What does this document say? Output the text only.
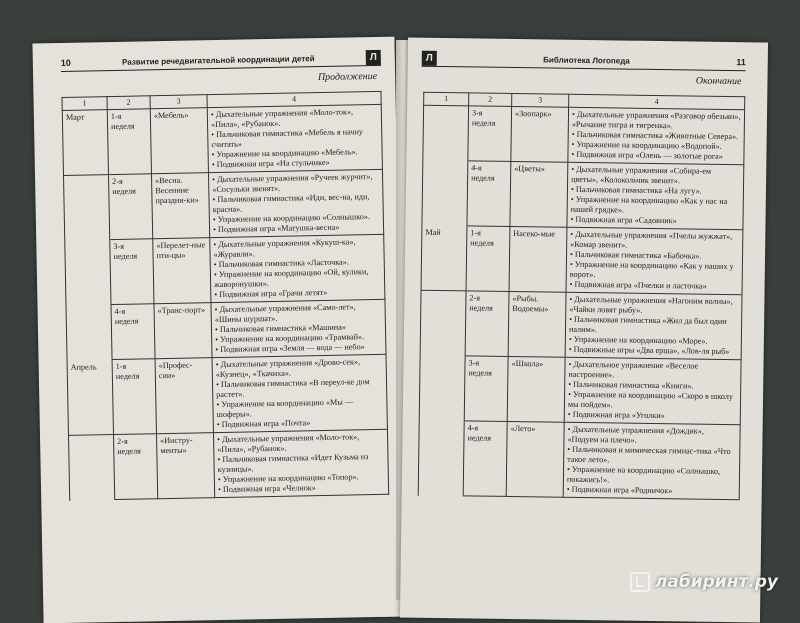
10	Развитие речедвигательной координации детей	Л
Продолжение
1	2	3	4
Март	1-я неделя	«Мебель»	• Дыхательные упражнения «Моло-ток», «Пила», «Рубанок».
• Пальчиковая гимнастика «Мебель я начну считать»
• Упражнение на координацию «Мебель».
• Подвижная игра «На стульчике»
	2-я неделя	«Весна. Весенние праздни-ки»	• Дыхательные упражнения «Ручеек журчит», «Сосульки звенят».
• Пальчиковая гимнастика «Иди, вес-на, иди, красна».
• Упражнение на координацию «Солнышко».
• Подвижная игра «Матушка-весна»
	3-я неделя	«Перелет-ные пти-цы»	• Дыхательные упражнения «Кукуш-ка», «Журавли».
• Пальчиковая гимнастика «Ласточка».
• Упражнение на координацию «Ой, кулики, жаворонушки».
• Подвижная игра «Грачи летят»
	4-я неделя	«Транс-порт»	• Дыхательные упражнения «Само-лет», «Шины шуршат».
• Пальчиковая гимнастика «Машина»
• Упражнение на координацию «Трамвай».
• Подвижная игра «Земля — вода — небо»
Апрель	1-я неделя	«Профес-сии»	• Дыхательные упражнения «Дрово-сек», «Кузнец», «Ткачиха».
• Пальчиковая гимнастика «В переул-ке дом растет».
• Упражнение на координацию «Мы — шоферы».
• Подвижная игра «Почта»
	2-я неделя	«Инстру-менты»	• Дыхательные упражнения «Моло-ток», «Пила», «Рубанок».
• Пальчиковая гимнастика «Идет Кузьма из кузницы».
• Упражнение на координацию «Топор».
• Подвижная игра «Челнок»
Л	Библиотека Логопеда	11
Окончание
1	2	3	4
	3-я неделя	«Зоопарк»	• Дыхательные упражнения «Разговор обезьян», «Рычание тигра и тигренка».
• Пальчиковая гимнастика «Животные Севера».
• Упражнение на координацию «Водопой».
• Подвижная игра «Олень — золотые рога»
	4-я неделя	«Цветы»	• Дыхательные упражнения «Собира-ем цветы», «Колокольчик звенит».
• Пальчиковая гимнастика «На лугу».
• Упражнение на координацию «Как у нас на нашей грядке».
• Подвижная игра «Садовник»
Май	1-я неделя	Насеко-мые	• Дыхательные упражнения «Пчелы жужжат», «Комар звенит».
• Пальчиковая гимнастика «Бабочка».
• Упражнение на координацию «Как у наших у ворот».
• Подвижная игра «Пчелки и ласточка»
	2-я неделя	«Рыбы. Водоемы»	• Дыхательные упражнения «Нагоним волны», «Чайки ловят рыбу».
• Пальчиковая гимнастика «Жил да был один налим».
• Упражнение на координацию «Море».
• Подвижные игры «Два ерша», «Лов-ля рыб»
	3-я неделя	«Школа»	• Дыхательное упражнение «Веселое настроение».
• Пальчиковая гимнастика «Книги».
• Упражнение на координацию «Скоро в школу мы пойдем».
• Подвижная игра «Уголки»
	4-я неделя	«Лето»	• Дыхательные упражнения «Дождик», «Подуем на плечо».
• Пальчиковая и мимическая гимнас-тика «Что такое лето».
• Упражнение на координацию «Солнышко, покажись!».
• Подвижная игра «Родничок»
лабиринт.ру
